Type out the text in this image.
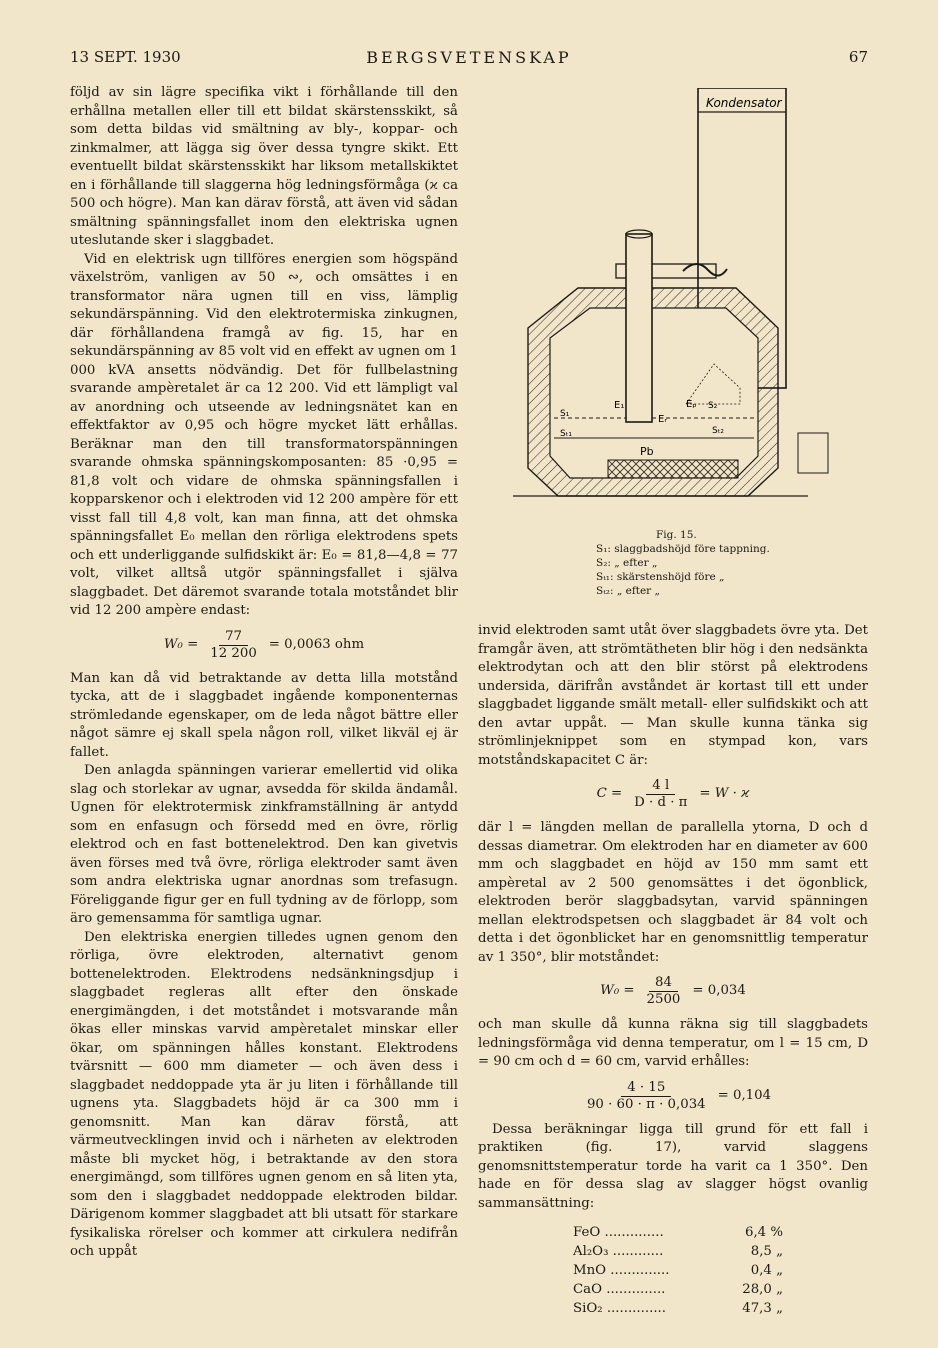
13 SEPT. 1930	BERGSVETENSKAP	67

följd av sin lägre specifika vikt i förhållande till den erhållna metallen eller till ett bildat skärstensskikt, så som detta bildas vid smältning av bly-, koppar- och zinkmalmer, att lägga sig över dessa tyngre skikt. Ett eventuellt bildat skärstensskikt har liksom metallskiktet en i förhållande till slaggerna hög ledningsförmåga (ϰ ca 500 och högre). Man kan därav förstå, att även vid sådan smältning spänningsfallet inom den elektriska ugnen uteslutande sker i slaggbadet.

Vid en elektrisk ugn tillföres energien som högspänd växelström, vanligen av 50 ∾, och omsättes i en transformator nära ugnen till en viss, lämplig sekundärspänning. Vid den elektrotermiska zinkugnen, där förhållandena framgå av fig. 15, har en sekundärspänning av 85 volt vid en effekt av ugnen om 1 000 kVA ansetts nödvändig. Det för fullbelastning svarande ampèretalet är ca 12 200. Vid ett lämpligt val av anordning och utseende av ledningsnätet kan en effektfaktor av 0,95 och högre mycket lätt erhållas. Beräknar man den till transformatorspänningen svarande ohmska spänningskomposanten: 85 ·0,95 = 81,8 volt och vidare de ohmska spänningsfallen i kopparskenor och i elektroden vid 12 200 ampère för ett visst fall till 4,8 volt, kan man finna, att det ohmska spänningsfallet E₀ mellan den rörliga elektrodens spets och ett underliggande sulfidskikt är: E₀ = 81,8—4,8 = 77 volt, vilket alltså utgör spänningsfallet i själva slaggbadet. Det däremot svarande totala motståndet blir vid 12 200 ampère endast:

$W_0 = \frac{77}{12 200} = 0,0063$ ohm

Man kan då vid betraktande av detta lilla motstånd tycka, att de i slaggbadet ingående komponenternas strömledande egenskaper, om de leda något bättre eller något sämre ej skall spela någon roll, vilket likväl ej är fallet.

Den anlagda spänningen varierar emellertid vid olika slag och storlekar av ugnar, avsedda för skilda ändamål. Ugnen för elektrotermisk zinkframställning är antydd som en enfasugn och försedd med en övre, rörlig elektrod och en fast bottenelektrod. Den kan givetvis även förses med två övre, rörliga elektroder samt även som andra elektriska ugnar anordnas som trefasugn. Föreliggande figur ger en full tydning av de förlopp, som äro gemensamma för samtliga ugnar.

Den elektriska energien tilledes ugnen genom den rörliga, övre elektroden, alternativt genom bottenelektroden. Elektrodens nedsänkningsdjup i slaggbadet regleras allt efter den önskade energimängden, i det motståndet i motsvarande mån ökas eller minskas varvid ampèretalet minskar eller ökar, om spänningen hålles konstant. Elektrodens tvärsnitt — 600 mm diameter — och även dess i slaggbadet neddoppade yta är ju liten i förhållande till ugnens yta. Slaggbadets höjd är ca 300 mm i genomsnitt. Man kan därav förstå, att värmeutvecklingen invid och i närheten av elektroden måste bli mycket hög, i betraktande av den stora energimängd, som tillföres ugnen genom en så liten yta, som den i slaggbadet neddoppade elektroden bildar. Därigenom kommer slaggbadet att bli utsatt för starkare fysikaliska rörelser och kommer att cirkulera nedifrån och uppåt

Kondensator
Pb
E₁	Eₚ
Eᵣ
S₁
S₂
Sₜ₁	Sₜ₂
Fig. 15.
S₁: slaggbadshöjd före tappning.
S₂: „ efter „
Sₜ₁: skärstenshöjd före „
Sₜ₂: „ efter „

invid elektroden samt utåt över slaggbadets övre yta. Det framgår även, att strömtätheten blir hög i den nedsänkta elektrodytan och att den blir störst på elektrodens undersida, därifrån avståndet är kortast till ett under slaggbadet liggande smält metall- eller sulfidskikt och att den avtar uppåt. — Man skulle kunna tänka sig strömlinjeknippet som en stympad kon, vars motståndskapacitet C är:

$C = \frac{4 l}{D \cdot d \cdot \pi} = W \cdot ϰ$

där l = längden mellan de parallella ytorna, D och d dessas diametrar. Om elektroden har en diameter av 600 mm och slaggbadet en höjd av 150 mm samt ett ampèretal av 2 500 genomsättes i det ögonblick, elektroden berör slaggbadsytan, varvid spänningen mellan elektrodspetsen och slaggbadet är 84 volt och detta i det ögonblicket har en genomsnittlig temperatur av 1 350°, blir motståndet:

$W_0 = \frac{84}{2500} = 0,034$

och man skulle då kunna räkna sig till slaggbadets ledningsförmåga vid denna temperatur, om l = 15 cm, D = 90 cm och d = 60 cm, varvid erhålles:

$\frac{4 \cdot 15}{90 \cdot 60 \cdot \pi \cdot 0,034} = 0,104$

Dessa beräkningar ligga till grund för ett fall i praktiken (fig. 17), varvid slaggens genomsnittstemperatur torde ha varit ca 1 350°. Den hade en för dessa slag av slagger högst ovanlig sammansättning:

FeO ..............	6,4 %
Al₂O₃ ............	8,5 „
MnO ..............	0,4 „
CaO ..............	28,0 „
SiO₂ ..............	47,3 „
